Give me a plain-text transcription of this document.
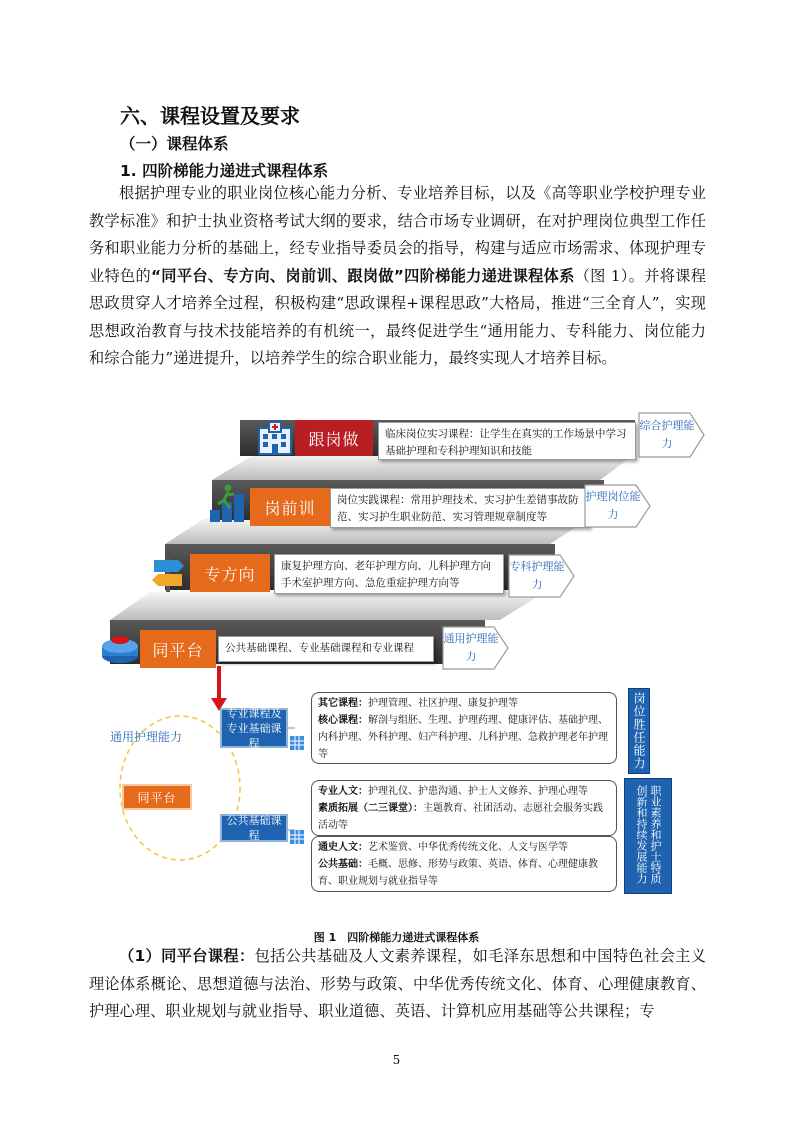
六、课程设置及要求
（一）课程体系
1. 四阶梯能力递进式课程体系
根据护理专业的职业岗位核心能力分析、专业培养目标，以及《高等职业学校护理专业教学标准》和护士执业资格考试大纲的要求，结合市场专业调研，在对护理岗位典型工作任务和职业能力分析的基础上，经专业指导委员会的指导，构建与适应市场需求、体现护理专业特色的“同平台、专方向、岗前训、跟岗做”四阶梯能力递进课程体系（图 1）。并将课程思政贯穿人才培养全过程，积极构建“思政课程+课程思政”大格局，推进“三全育人”，实现思想政治教育与技术技能培养的有机统一，最终促进学生“通用能力、专科能力、岗位能力和综合能力”递进提升，以培养学生的综合职业能力，最终实现人才培养目标。
跟岗做
岗前训
专方向
同平台
临床岗位实习课程：让学生在真实的工作场景中学习基础护理和专科护理知识和技能
岗位实践课程：常用护理技术、实习护生差错事故防范、实习护生职业防范、实习管理规章制度等
康复护理方向、老年护理方向、儿科护理方向手术室护理方向、急危重症护理方向等
公共基础课程、专业基础课程和专业课程
综合护理能力
护理岗位能力
专科护理能力
通用护理能力
通用护理能力
同平台
专业课程及专业基础课程
公共基础课程
其它课程：护理管理、社区护理、康复护理等
核心课程：解剖与组胚、生理、护理药理、健康评估、基础护理、内科护理、外科护理、妇产科护理、儿科护理、急救护理老年护理等
专业人文：护理礼仪、护患沟通、护士人文修养、护理心理等
素质拓展（二三课堂）：主题教育、社团活动、志愿社会服务实践活动等
通史人文：艺术鉴赏、中华优秀传统文化、人文与医学等
公共基础：毛概、思修、形势与政策、英语、体育、心理健康教育、职业规划与就业指导等
岗位胜任能力
职业素养和护士特质
创新和持续发展能力
图 1　四阶梯能力递进式课程体系
（1）同平台课程：包括公共基础及人文素养课程，如毛泽东思想和中国特色社会主义理论体系概论、思想道德与法治、形势与政策、中华优秀传统文化、体育、心理健康教育、护理心理、职业规划与就业指导、职业道德、英语、计算机应用基础等公共课程；专
5
